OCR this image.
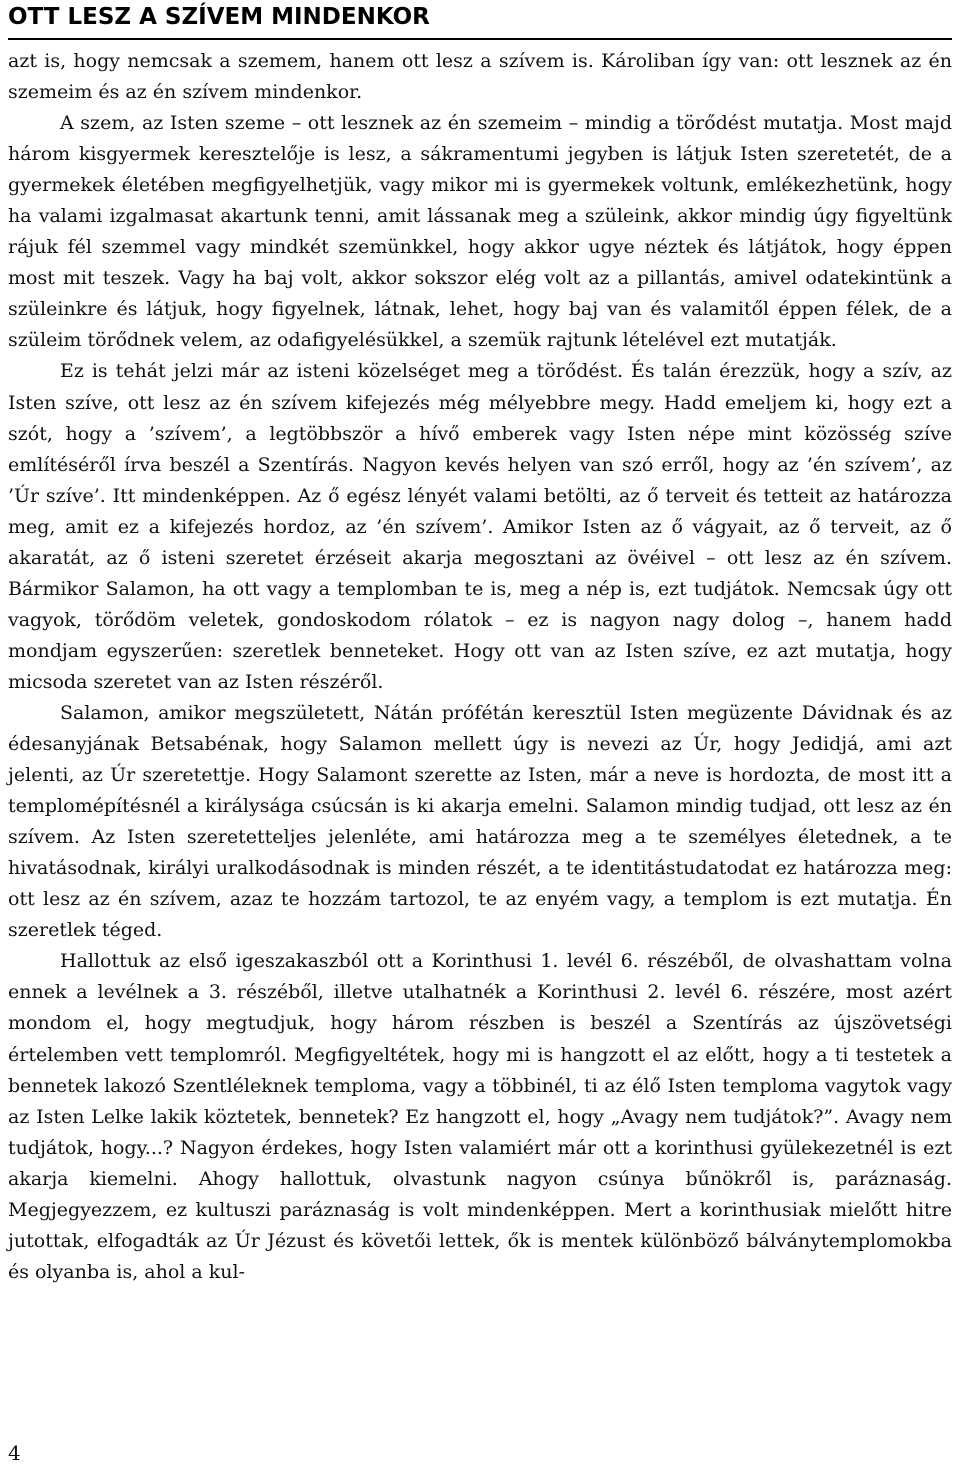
OTT LESZ A SZÍVEM MINDENKOR

azt is, hogy nemcsak a szemem, hanem ott lesz a szívem is. Károliban így van: ott lesznek az én szemeim és az én szívem mindenkor.

A szem, az Isten szeme – ott lesznek az én szemeim – mindig a törődést mutatja. Most majd három kisgyermek keresztelője is lesz, a sákramentumi jegyben is látjuk Isten szeretetét, de a gyermekek életében megfigyelhetjük, vagy mikor mi is gyermekek voltunk, emlékezhetünk, hogy ha valami izgalmasat akartunk tenni, amit lássanak meg a szüleink, akkor mindig úgy figyeltünk rájuk fél szemmel vagy mindkét szemünkkel, hogy akkor ugye néztek és látjátok, hogy éppen most mit teszek. Vagy ha baj volt, akkor sokszor elég volt az a pillantás, amivel odatekintünk a szüleinkre és látjuk, hogy figyelnek, látnak, lehet, hogy baj van és valamitől éppen félek, de a szüleim törődnek velem, az odafigyelésükkel, a szemük rajtunk lételével ezt mutatják.

Ez is tehát jelzi már az isteni közelséget meg a törődést. És talán érezzük, hogy a szív, az Isten szíve, ott lesz az én szívem kifejezés még mélyebbre megy. Hadd emeljem ki, hogy ezt a szót, hogy a ’szívem’, a legtöbbször a hívő emberek vagy Isten népe mint közösség szíve említéséről írva beszél a Szentírás. Nagyon kevés helyen van szó erről, hogy az ’én szívem’, az ’Úr szíve’. Itt mindenképpen. Az ő egész lényét valami betölti, az ő terveit és tetteit az határozza meg, amit ez a kifejezés hordoz, az ’én szívem’. Amikor Isten az ő vágyait, az ő terveit, az ő akaratát, az ő isteni szeretet érzéseit akarja megosztani az övéivel – ott lesz az én szívem. Bármikor Salamon, ha ott vagy a templomban te is, meg a nép is, ezt tudjátok. Nemcsak úgy ott vagyok, törődöm veletek, gondoskodom rólatok – ez is nagyon nagy dolog –, hanem hadd mondjam egyszerűen: szeretlek benneteket. Hogy ott van az Isten szíve, ez azt mutatja, hogy micsoda szeretet van az Isten részéről.

Salamon, amikor megszületett, Nátán prófétán keresztül Isten megüzente Dávidnak és az édesanyjának Betsabénak, hogy Salamon mellett úgy is nevezi az Úr, hogy Jedidjá, ami azt jelenti, az Úr szeretettje. Hogy Salamont szerette az Isten, már a neve is hordozta, de most itt a templomépítésnél a királysága csúcsán is ki akarja emelni. Salamon mindig tudjad, ott lesz az én szívem. Az Isten szeretetteljes jelenléte, ami határozza meg a te személyes életednek, a te hivatásodnak, királyi uralkodásodnak is minden részét, a te identitástudatodat ez határozza meg: ott lesz az én szívem, azaz te hozzám tartozol, te az enyém vagy, a templom is ezt mutatja. Én szeretlek téged.

Hallottuk az első igeszakaszból ott a Korinthusi 1. levél 6. részéből, de olvashattam volna ennek a levélnek a 3. részéből, illetve utalhatnék a Korinthusi 2. levél 6. részére, most azért mondom el, hogy megtudjuk, hogy három részben is beszél a Szentírás az újszövetségi értelemben vett templomról. Megfigyeltétek, hogy mi is hangzott el az előtt, hogy a ti testetek a bennetek lakozó Szentléleknek temploma, vagy a többinél, ti az élő Isten temploma vagytok vagy az Isten Lelke lakik köztetek, bennetek? Ez hangzott el, hogy „Avagy nem tudjátok?”. Avagy nem tudjátok, hogy...? Nagyon érdekes, hogy Isten valamiért már ott a korinthusi gyülekezetnél is ezt akarja kiemelni. Ahogy hallottuk, olvastunk nagyon csúnya bűnökről is, paráznaság. Megjegyezzem, ez kultuszi paráznaság is volt mindenképpen. Mert a korinthusiak mielőtt hitre jutottak, elfogadták az Úr Jézust és követői lettek, ők is mentek különböző bálványtemplomokba és olyanba is, ahol a kul-

4
